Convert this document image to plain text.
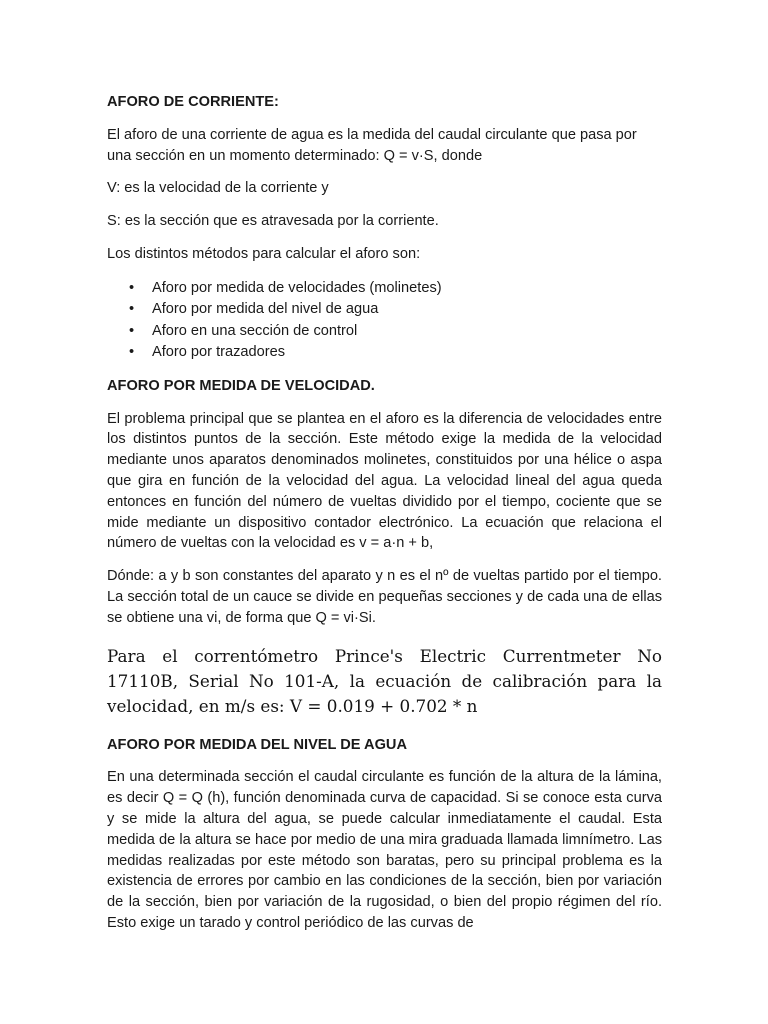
AFORO DE CORRIENTE:

El aforo de una corriente de agua es la medida del caudal circulante que pasa por una sección en un momento determinado: Q = v·S, donde

V: es la velocidad de la corriente y

S: es la sección que es atravesada por la corriente.

Los distintos métodos para calcular el aforo son:

• Aforo por medida de velocidades (molinetes)
• Aforo por medida del nivel de agua
• Aforo en una sección de control
• Aforo por trazadores

AFORO POR MEDIDA DE VELOCIDAD.

El problema principal que se plantea en el aforo es la diferencia de velocidades entre los distintos puntos de la sección. Este método exige la medida de la velocidad mediante unos aparatos denominados molinetes, constituidos por una hélice o aspa que gira en función de la velocidad del agua. La velocidad lineal del agua queda entonces en función del número de vueltas dividido por el tiempo, cociente que se mide mediante un dispositivo contador electrónico. La ecuación que relaciona el número de vueltas con la velocidad es v = a·n + b,

Dónde: a y b son constantes del aparato y n es el nº de vueltas partido por el tiempo. La sección total de un cauce se divide en pequeñas secciones y de cada una de ellas se obtiene una vi, de forma que Q = vi·Si.

Para el correntómetro Prince's Electric Currentmeter No 17110B, Serial No 101-A, la ecuación de calibración para la velocidad, en m/s es: V = 0.019 + 0.702 * n

AFORO POR MEDIDA DEL NIVEL DE AGUA

En una determinada sección el caudal circulante es función de la altura de la lámina, es decir Q = Q (h), función denominada curva de capacidad. Si se conoce esta curva y se mide la altura del agua, se puede calcular inmediatamente el caudal. Esta medida de la altura se hace por medio de una mira graduada llamada limnímetro. Las medidas realizadas por este método son baratas, pero su principal problema es la existencia de errores por cambio en las condiciones de la sección, bien por variación de la sección, bien por variación de la rugosidad, o bien del propio régimen del río. Esto exige un tarado y control periódico de las curvas de
